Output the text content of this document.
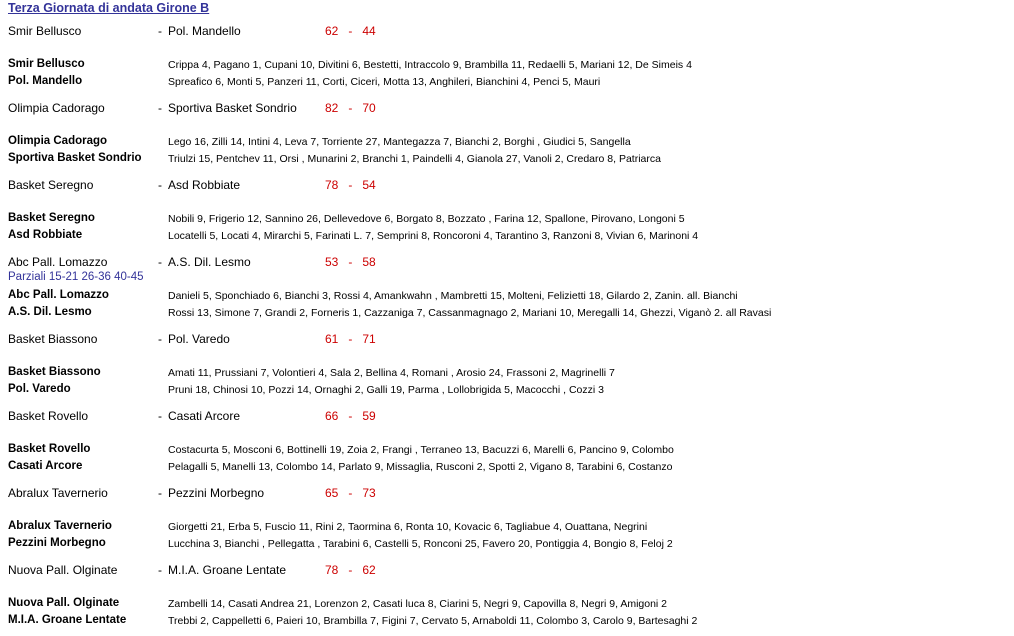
Terza Giornata di andata Girone B
Smir Bellusco	- Pol. Mandello	62 - 44
Smir Bellusco	Crippa 4, Pagano 1, Cupani 10, Divitini 6, Bestetti, Intraccolo 9, Brambilla 11, Redaelli 5, Mariani 12, De Simeis 4
Pol. Mandello	Spreafico 6, Monti 5, Panzeri 11, Corti, Ciceri, Motta 13, Anghileri, Bianchini 4, Penci 5, Mauri
Olimpia Cadorago	- Sportiva Basket Sondrio 82 - 70
Olimpia Cadorago	Lego 16, Zilli 14, Intini 4, Leva 7, Torriente 27, Mantegazza 7, Bianchi 2, Borghi , Giudici 5, Sangella
Sportiva Basket Sondrio	Triulzi 15, Pentchev 11, Orsi , Munarini 2, Branchi 1, Paindelli 4, Gianola 27, Vanoli 2, Credaro 8, Patriarca
Basket Seregno	- Asd Robbiate	78 - 54
Basket Seregno	Nobili 9, Frigerio 12, Sannino 26, Dellevedove 6, Borgato 8, Bozzato , Farina 12, Spallone, Pirovano, Longoni 5
Asd Robbiate	Locatelli 5, Locati 4, Mirarchi 5, Farinati L. 7, Semprini 8, Roncoroni 4, Tarantino 3, Ranzoni 8, Vivian 6, Marinoni 4
Abc Pall. Lomazzo	- A.S. Dil. Lesmo	53 - 58
Parziali 15-21 26-36 40-45
Abc Pall. Lomazzo	Danieli 5, Sponchiado 6, Bianchi 3, Rossi 4, Amankwahn , Mambretti 15, Molteni, Felizietti 18, Gilardo 2, Zanin. all. Bianchi
A.S. Dil. Lesmo	Rossi 13, Simone 7, Grandi 2, Forneris 1, Cazzaniga 7, Cassanmagnago 2, Mariani 10, Meregalli 14, Ghezzi, Viganò 2. all Ravasi
Basket Biassono	- Pol. Varedo	61 - 71
Basket Biassono	Amati 11, Prussiani 7, Volontieri 4, Sala 2, Bellina 4, Romani , Arosio 24, Frassoni 2, Magrinelli 7
Pol. Varedo	Pruni 18, Chinosi 10, Pozzi 14, Ornaghi 2, Galli 19, Parma , Lollobrigida 5, Macocchi , Cozzi 3
Basket Rovello	- Casati Arcore	66 - 59
Basket Rovello	Costacurta 5, Mosconi 6, Bottinelli 19, Zoia 2, Frangi , Terraneo 13, Bacuzzi 6, Marelli 6, Pancino 9, Colombo
Casati Arcore	Pelagalli 5, Manelli 13, Colombo 14, Parlato 9, Missaglia, Rusconi 2, Spotti 2, Vigano 8, Tarabini 6, Costanzo
Abralux Tavernerio	- Pezzini Morbegno	65 - 73
Abralux Tavernerio	Giorgetti 21, Erba 5, Fuscio 11, Rini 2, Taormina 6, Ronta 10, Kovacic 6, Tagliabue 4, Ouattana, Negrini
Pezzini Morbegno	Lucchina 3, Bianchi , Pellegatta , Tarabini 6, Castelli 5, Ronconi 25, Favero 20, Pontiggia 4, Bongio 8, Feloj 2
Nuova Pall. Olginate	- M.I.A. Groane Lentate	78 - 62
Nuova Pall. Olginate	Zambelli 14, Casati Andrea 21, Lorenzon 2, Casati luca 8, Ciarini 5, Negri 9, Capovilla 8, Negri 9, Amigoni 2
M.I.A. Groane Lentate	Trebbi 2, Cappelletti 6, Paieri 10, Brambilla 7, Figini 7, Cervato 5, Arnaboldi 11, Colombo 3, Carolo 9, Bartesaghi 2
